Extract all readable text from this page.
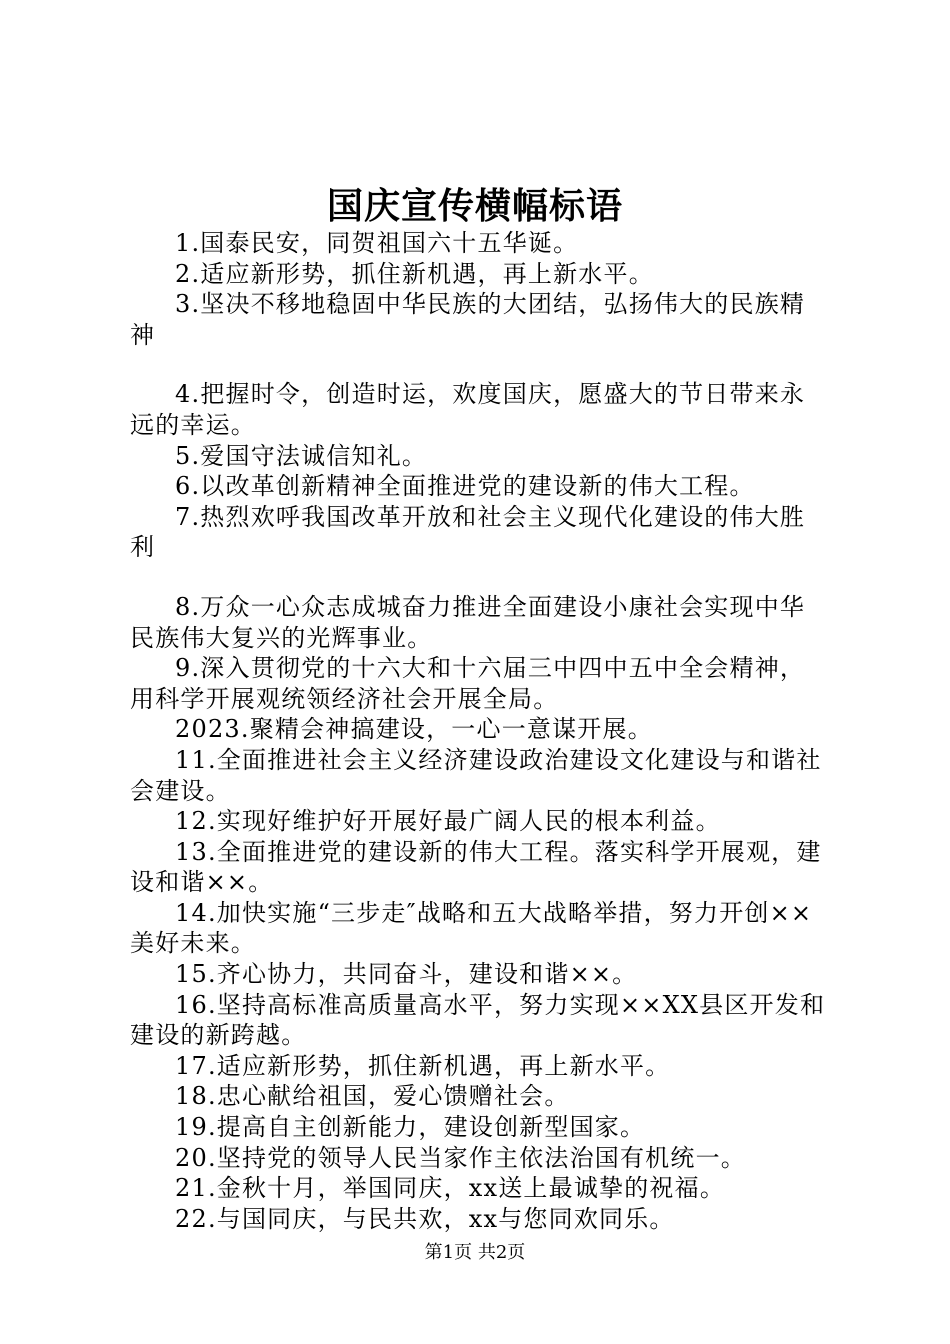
国庆宣传横幅标语

1.国泰民安，同贺祖国六十五华诞。

2.适应新形势，抓住新机遇，再上新水平。

3.坚决不移地稳固中华民族的大团结，弘扬伟大的民族精神

4.把握时令，创造时运，欢度国庆，愿盛大的节日带来永远的幸运。

5.爱国守法诚信知礼。

6.以改革创新精神全面推进党的建设新的伟大工程。

7.热烈欢呼我国改革开放和社会主义现代化建设的伟大胜利

8.万众一心众志成城奋力推进全面建设小康社会实现中华民族伟大复兴的光辉事业。

9.深入贯彻党的十六大和十六届三中四中五中全会精神，用科学开展观统领经济社会开展全局。

2023.聚精会神搞建设，一心一意谋开展。

11.全面推进社会主义经济建设政治建设文化建设与和谐社会建设。

12.实现好维护好开展好最广阔人民的根本利益。

13.全面推进党的建设新的伟大工程。落实科学开展观，建设和谐××。

14.加快实施“三步走″战略和五大战略举措，努力开创××美好未来。

15.齐心协力，共同奋斗，建设和谐××。

16.坚持高标准高质量高水平，努力实现××XX县区开发和建设的新跨越。

17.适应新形势，抓住新机遇，再上新水平。

18.忠心献给祖国，爱心馈赠社会。

19.提高自主创新能力，建设创新型国家。

20.坚持党的领导人民当家作主依法治国有机统一。

21.金秋十月，举国同庆，xx送上最诚挚的祝福。

22.与国同庆，与民共欢，xx与您同欢同乐。

第1页 共2页
